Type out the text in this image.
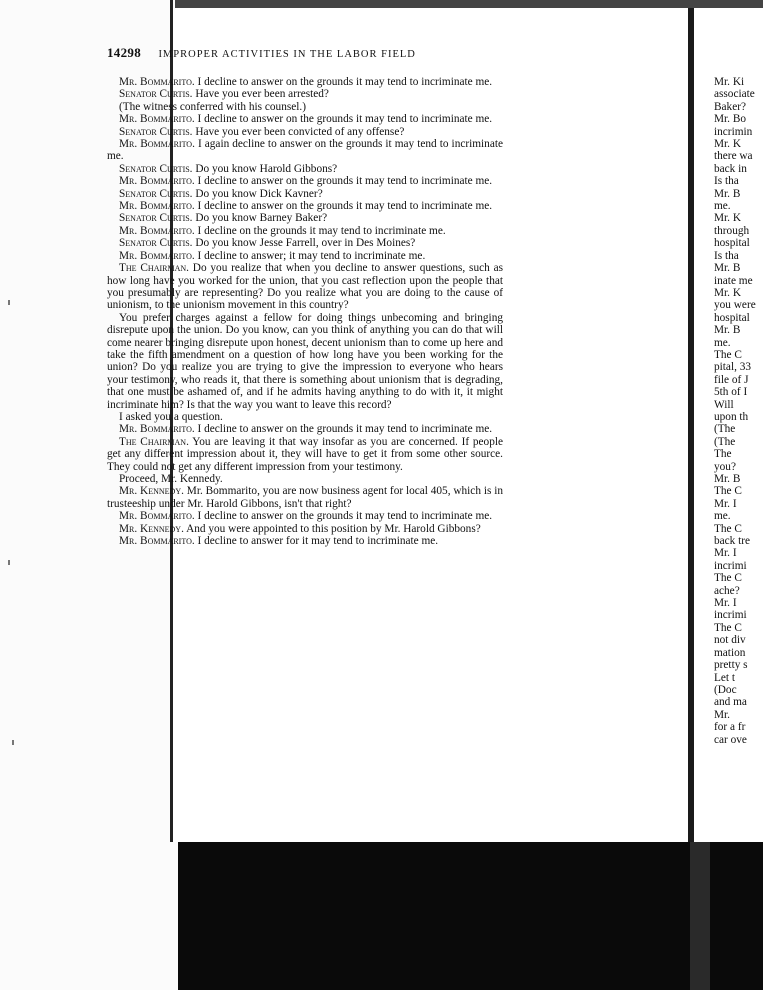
14298 IMPROPER ACTIVITIES IN THE LABOR FIELD

Mr. Bommarito. I decline to answer on the grounds it may tend to incriminate me.

Senator Curtis. Have you ever been arrested?

(The witness conferred with his counsel.)

Mr. Bommarito. I decline to answer on the grounds it may tend to incriminate me.

Senator Curtis. Have you ever been convicted of any offense?

Mr. Bommarito. I again decline to answer on the grounds it may tend to incriminate me.

Senator Curtis. Do you know Harold Gibbons?

Mr. Bommarito. I decline to answer on the grounds it may tend to incriminate me.

Senator Curtis. Do you know Dick Kavner?

Mr. Bommarito. I decline to answer on the grounds it may tend to incriminate me.

Senator Curtis. Do you know Barney Baker?

Mr. Bommarito. I decline on the grounds it may tend to incriminate me.

Senator Curtis. Do you know Jesse Farrell, over in Des Moines?

Mr. Bommarito. I decline to answer; it may tend to incriminate me.

The Chairman. Do you realize that when you decline to answer questions, such as how long have you worked for the union, that you cast reflection upon the people that you presumably are representing? Do you realize what you are doing to the cause of unionism, to the unionism movement in this country?

You prefer charges against a fellow for doing things unbecoming and bringing disrepute upon the union. Do you know, can you think of anything you can do that will come nearer bringing disrepute upon honest, decent unionism than to come up here and take the fifth amendment on a question of how long have you been working for the union? Do you realize you are trying to give the impression to everyone who hears your testimony, who reads it, that there is something about unionism that is degrading, that one must be ashamed of, and if he admits having anything to do with it, it might incriminate him? Is that the way you want to leave this record?

I asked you a question.

Mr. Bommarito. I decline to answer on the grounds it may tend to incriminate me.

The Chairman. You are leaving it that way insofar as you are concerned. If people get any different impression about it, they will have to get it from some other source. They could not get any different impression from your testimony.

Proceed, Mr. Kennedy.

Mr. Kennedy. Mr. Bommarito, you are now business agent for local 405, which is in trusteeship under Mr. Harold Gibbons, isn't that right?

Mr. Bommarito. I decline to answer on the grounds it may tend to incriminate me.

Mr. Kennedy. And you were appointed to this position by Mr. Harold Gibbons?

Mr. Bommarito. I decline to answer for it may tend to incriminate me.

Mr. Ki
associate
Baker?
Mr. Bo
incrimin
Mr. K
there wa
back in
Is tha
Mr. B
me.
Mr. K
through
hospital
Is tha
Mr. B
inate me
Mr. K
you were
hospital
Mr. B
me.
The C
pital, 33
file of J
5th of I
Will
upon th
(The
(The
The
you?
Mr. B
The C
Mr. I
me.
The C
back tre
Mr. I
incrimi
The C
ache?
Mr. I
incrimi
The C
not div
mation
pretty s
Let t
(Doc
and ma
Mr.
for a fr
car ove
